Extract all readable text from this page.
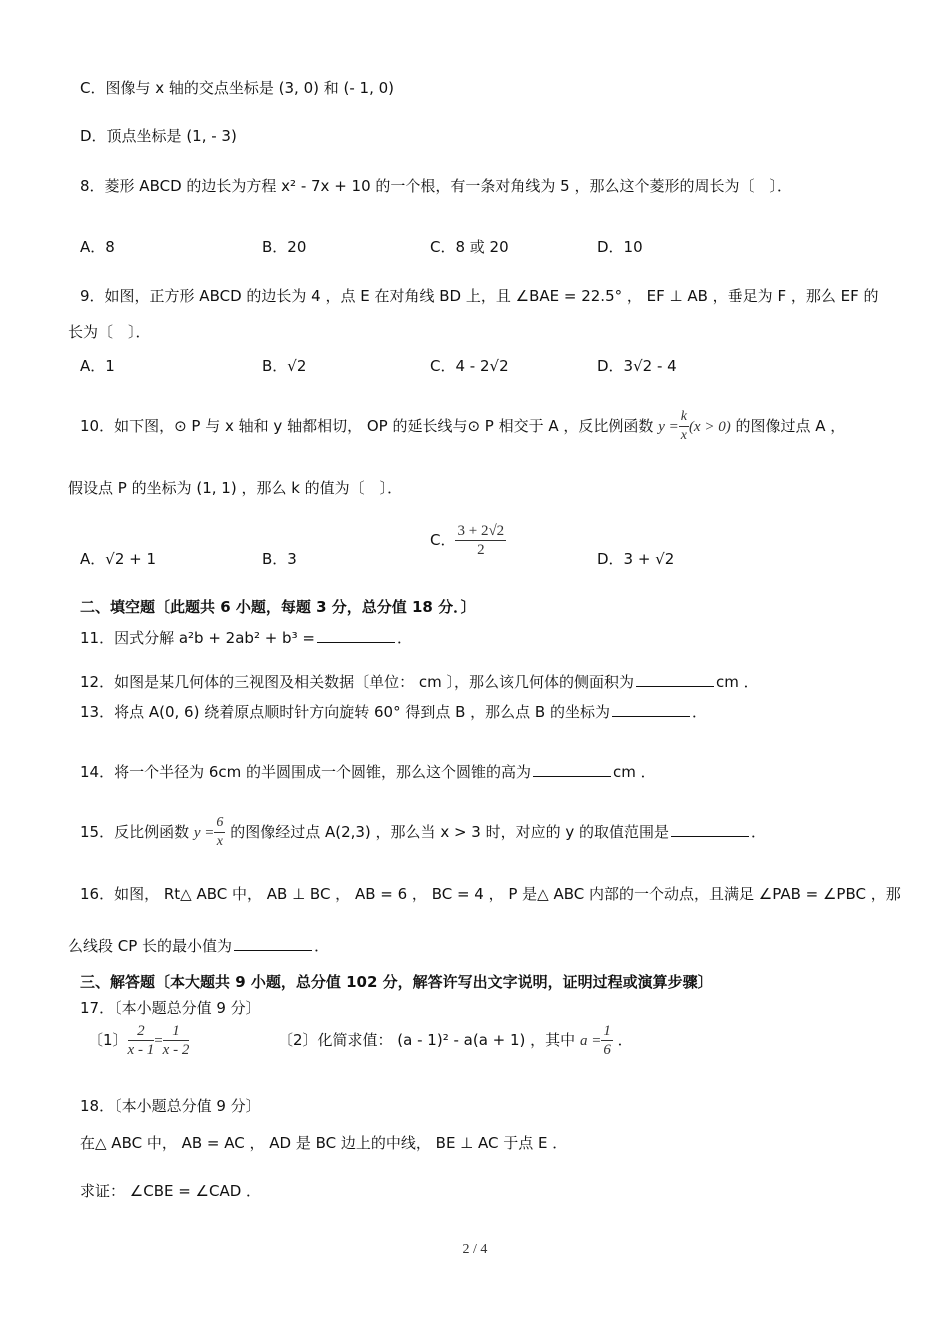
C．图像与 x 轴的交点坐标是 (3, 0) 和 (- 1, 0)
D．顶点坐标是 (1, - 3)
8．菱形 ABCD 的边长为方程 x² - 7x + 10 的一个根，有一条对角线为 5 ，那么这个菱形的周长为〔　〕．
A．8	B．20	C．8 或 20	D．10
9．如图，正方形 ABCD 的边长为 4 ，点 E 在对角线 BD 上，且 ∠BAE = 22.5° ， EF ⊥ AB ，垂足为 F ，那么 EF 的
长为〔　〕．
A．1	B．√2	C．4 - 2√2	D．3√2 - 4
10．如下图，⊙ P 与 x 轴和 y 轴都相切， OP 的延长线与⊙ P 相交于 A ，反比例函数 $y = \frac{k}{x} (x > 0)$ 的图像过点 A ，
假设点 P 的坐标为 (1, 1) ，那么 k 的值为〔　〕．
A．√2 + 1	B．3
C． $\frac{3 + 2√2}{2}$	D．3 + √2
二、填空题〔此题共 6 小题，每题 3 分，总分值 18 分．〕
11．因式分解 a²b + 2ab² + b³ =	．
12．如图是某几何体的三视图及相关数据〔单位： cm 〕，那么该几何体的侧面积为	cm ．
13．将点 A(0, 6) 绕着原点顺时针方向旋转 60° 得到点 B ，那么点 B 的坐标为	．
14．将一个半径为 6cm 的半圆围成一个圆锥，那么这个圆锥的高为	cm ．
15．反比例函数 $y = \frac{6}{x}$ 的图像经过点 A(2,3) ，那么当 x > 3 时，对应的 y 的取值范围是	．
16．如图， Rt△ ABC 中， AB ⊥ BC ， AB = 6 ， BC = 4 ， P 是△ ABC 内部的一个动点，且满足 ∠PAB = ∠PBC ，那
么线段 CP 长的最小值为	．
三、解答题〔本大题共 9 小题，总分值 102 分，解答许写出文字说明，证明过程或演算步骤〕
17．〔本小题总分值 9 分〕
〔1〕 $\frac{2}{x - 1} = \frac{1}{x - 2}$	〔2〕化简求值： (a - 1)² - a(a + 1) ，其中 $a = \frac{1}{6}$ ．
18．〔本小题总分值 9 分〕
在△ ABC 中， AB = AC ， AD 是 BC 边上的中线， BE ⊥ AC 于点 E ．
求证： ∠CBE = ∠CAD ．
2 / 4
